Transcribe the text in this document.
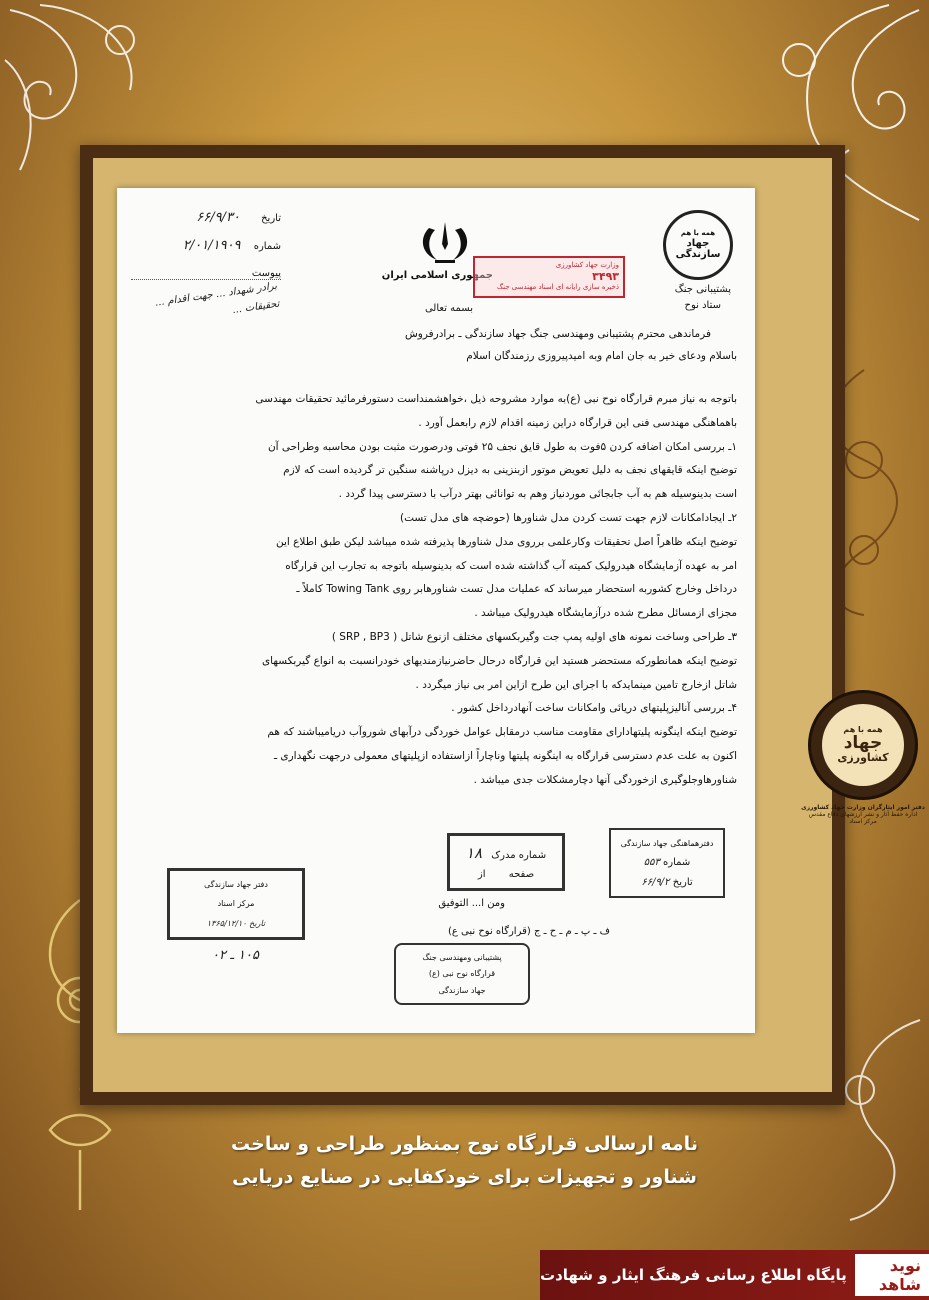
همه با هم
جهاد سازندگی
پشتیبانی جنگ
ستاد نوح
جمهوری اسلامی ایران
بسمه تعالی
وزارت جهاد کشاورزی
۳۴۹۳
ذخیره سازی رایانه ای اسناد مهندسی جنگ
تاریخ ۶۶/۹/۳۰
شماره ۲/۰۱/۱۹۰۹
پیوست
برادر شهداد ... جهت اقدام ... تحقیقات ...
فرماندهی محترم پشتیبانی ومهندسی جنگ جهاد سازندگی ـ برادرفروش
باسلام ودعای خیر به جان امام وبه امیدپیروزی رزمندگان اسلام
باتوجه به نیاز مبرم قرارگاه نوح نبی (ع)به موارد مشروحه ذیل ،خواهشمنداست دستورفرمائید تحقیقات مهندسی
باهماهنگی مهندسی فنی این قرارگاه دراین زمینه اقدام لازم رابعمل آورد .
۱ـ بررسی امکان اضافه کردن ۵فوت به طول قایق نجف ۲۵ فوتی ودرصورت مثبت بودن محاسبه وطراحی آن
توضیح اینکه قایقهای نجف به دلیل تعویض موتور ازبنزینی به دیزل درپاشنه سنگین تر گردیده است که لازم
است بدینوسیله هم به آب جابجائی موردنیاز وهم به توانائی بهتر درآب با دسترسی پیدا گردد .
۲ـ ایجادامکانات لازم جهت تست کردن مدل شناورها (حوضچه های مدل تست)
توضیح اینکه ظاهراً اصل تحقیقات وکارعلمی برروی مدل شناورها پذیرفته شده میباشد لیکن طبق اطلاع این
امر به عهده آزمایشگاه هیدرولیک کمیته آب گذاشته شده است که بدینوسیله باتوجه به تجارب این قرارگاه
درداخل وخارج کشوربه استحضار میرساند که عملیات مدل تست شناورهابر روی Towing Tank کاملاً ـ
مجزای ازمسائل مطرح شده درآزمایشگاه هیدرولیک میباشد .
۳ـ طراحی وساخت نمونه های اولیه پمپ جت وگیربکسهای مختلف ازنوع شاتل ( SRP , BP3 )
توضیح اینکه همانطورکه مستحضر هستید این قرارگاه درحال حاضرنیازمندیهای خودرانسبت به انواع گیربکسهای
شاتل ازخارج تامین مینمایدکه با اجرای این طرح ازاین امر بی نیاز میگردد .
۴ـ بررسی آنالیزپلیتهای دریائی وامکانات ساخت آنهادرداخل کشور .
توضیح اینکه اینگونه پلیتهادارای مقاومت مناسب درمقابل عوامل خوردگی درآبهای شوروآب دریامیباشند که هم
اکنون به علت عدم دسترسی قرارگاه به اینگونه پلیتها وناچاراً ازاستفاده ازپلیتهای معمولی درجهت نگهداری ـ
شناورهاوجلوگیری ازخوردگی آنها دچارمشکلات جدی میباشد .
دفترهماهنگی جهاد سازندگی
شماره ۵۵۳
تاریخ ۶۶/۹/۲
شماره مدرک ۱۸
صفحه از
ومن ا... التوفیق
ف ـ پ ـ م ـ ح ـ ج (قرارگاه نوح نبی ع)
پشتیبانی ومهندسی جنگ
قرارگاه نوح نبی (ع)
جهاد سازندگی
دفتر جهاد سازندگی
مرکز اسناد
تاریخ ۱۳۶۵/۱۲/۱۰
۱۰۵ ـ ۰۲
همه با هم
جهاد
کشاورزی
دفتر امور ایثارگران وزارت جهاد کشاورزی
اداره حفظ آثار و نشر ارزشهای دفاع مقدس
مرکز اسناد
نامه ارسالی قرارگاه نوح بمنظور طراحی و ساخت
شناور و تجهیزات برای خودکفایی در صنایع دریایی
نوید شاهد
پایگاه اطلاع رسانی فرهنگ ایثار و شهادت
